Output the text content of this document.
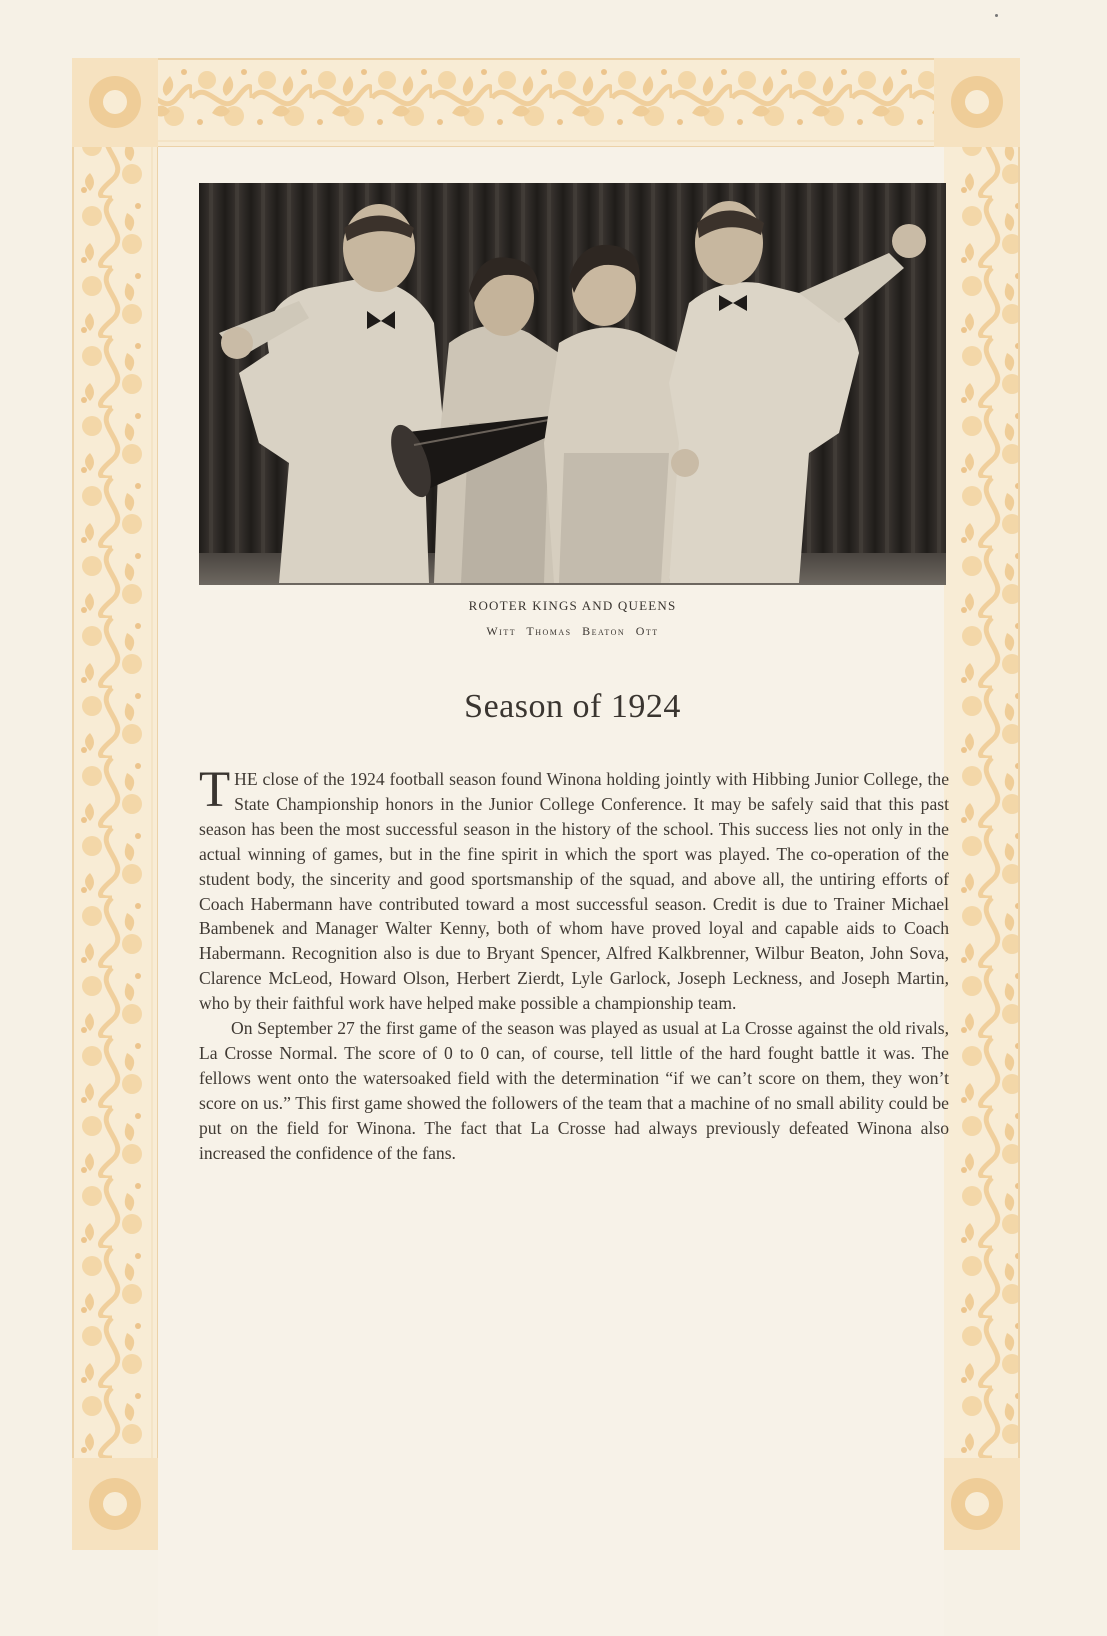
ROOTER KINGS AND QUEENS
Witt Thomas Beaton Ott
Season of 1924

THE close of the 1924 football season found Winona holding jointly with Hibbing Junior College, the State Championship honors in the Junior College Conference. It may be safely said that this past season has been the most successful season in the history of the school. This success lies not only in the actual winning of games, but in the fine spirit in which the sport was played. The co-operation of the student body, the sincerity and good sportsmanship of the squad, and above all, the untiring efforts of Coach Habermann have contributed toward a most successful season. Credit is due to Trainer Michael Bambenek and Manager Walter Kenny, both of whom have proved loyal and capable aids to Coach Habermann. Recognition also is due to Bryant Spencer, Alfred Kalkbrenner, Wilbur Beaton, John Sova, Clarence McLeod, Howard Olson, Herbert Zierdt, Lyle Garlock, Joseph Leckness, and Joseph Martin, who by their faithful work have helped make possible a championship team.

On September 27 the first game of the season was played as usual at La Crosse against the old rivals, La Crosse Normal. The score of 0 to 0 can, of course, tell little of the hard fought battle it was. The fellows went onto the watersoaked field with the determination “if we can’t score on them, they won’t score on us.” This first game showed the followers of the team that a machine of no small ability could be put on the field for Winona. The fact that La Crosse had always previously defeated Winona also increased the confidence of the fans.
